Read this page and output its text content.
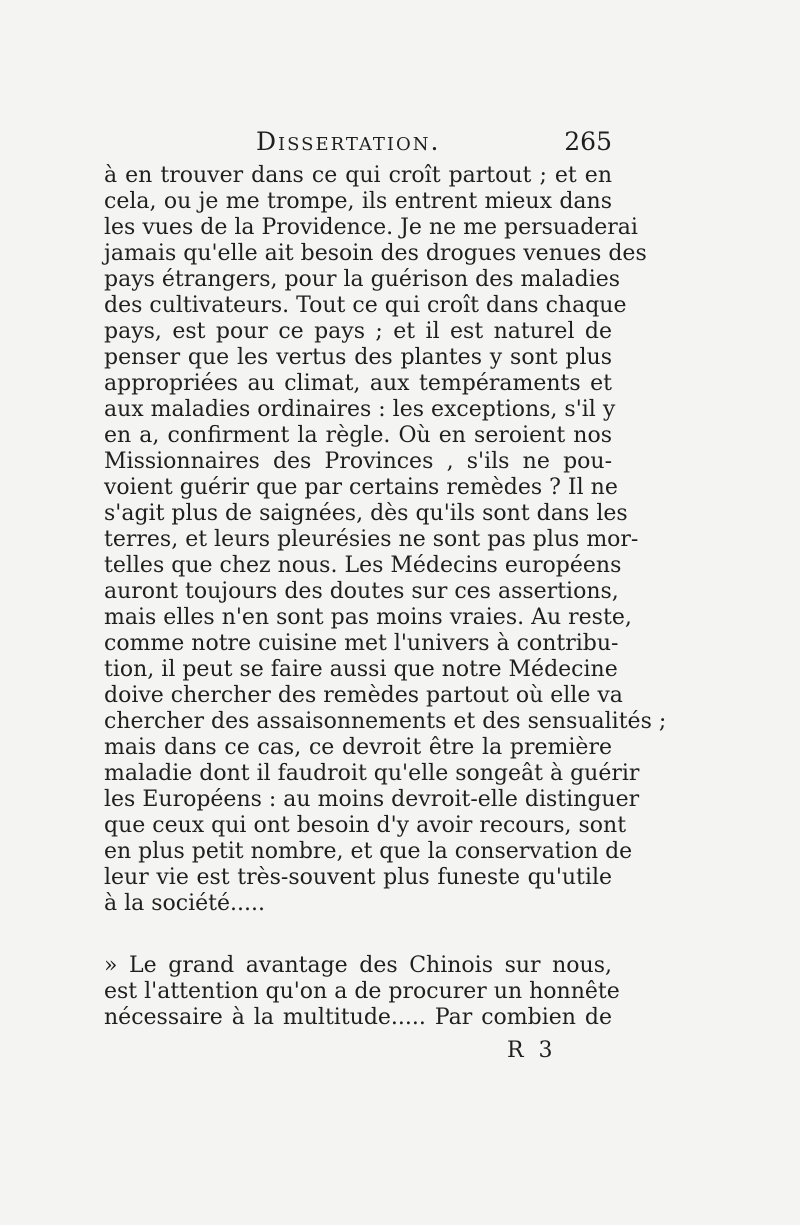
Dissertation.	265
à en trouver dans ce qui croît partout ; et en
cela, ou je me trompe, ils entrent mieux dans
les vues de la Providence. Je ne me persuaderai
jamais qu'elle ait besoin des drogues venues des
pays étrangers, pour la guérison des maladies
des cultivateurs. Tout ce qui croît dans chaque
pays, est pour ce pays ; et il est naturel de
penser que les vertus des plantes y sont plus
appropriées au climat, aux tempéraments et
aux maladies ordinaires : les exceptions, s'il y
en a, confirment la règle. Où en seroient nos
Missionnaires des Provinces , s'ils ne pou-
voient guérir que par certains remèdes ? Il ne
s'agit plus de saignées, dès qu'ils sont dans les
terres, et leurs pleurésies ne sont pas plus mor-
telles que chez nous. Les Médecins européens
auront toujours des doutes sur ces assertions,
mais elles n'en sont pas moins vraies. Au reste,
comme notre cuisine met l'univers à contribu-
tion, il peut se faire aussi que notre Médecine
doive chercher des remèdes partout où elle va
chercher des assaisonnements et des sensualités ;
mais dans ce cas, ce devroit être la première
maladie dont il faudroit qu'elle songeât à guérir
les Européens : au moins devroit-elle distinguer
que ceux qui ont besoin d'y avoir recours, sont
en plus petit nombre, et que la conservation de
leur vie est très-souvent plus funeste qu'utile
à la société.....
» Le grand avantage des Chinois sur nous,
est l'attention qu'on a de procurer un honnête
nécessaire à la multitude..... Par combien de
R 3
